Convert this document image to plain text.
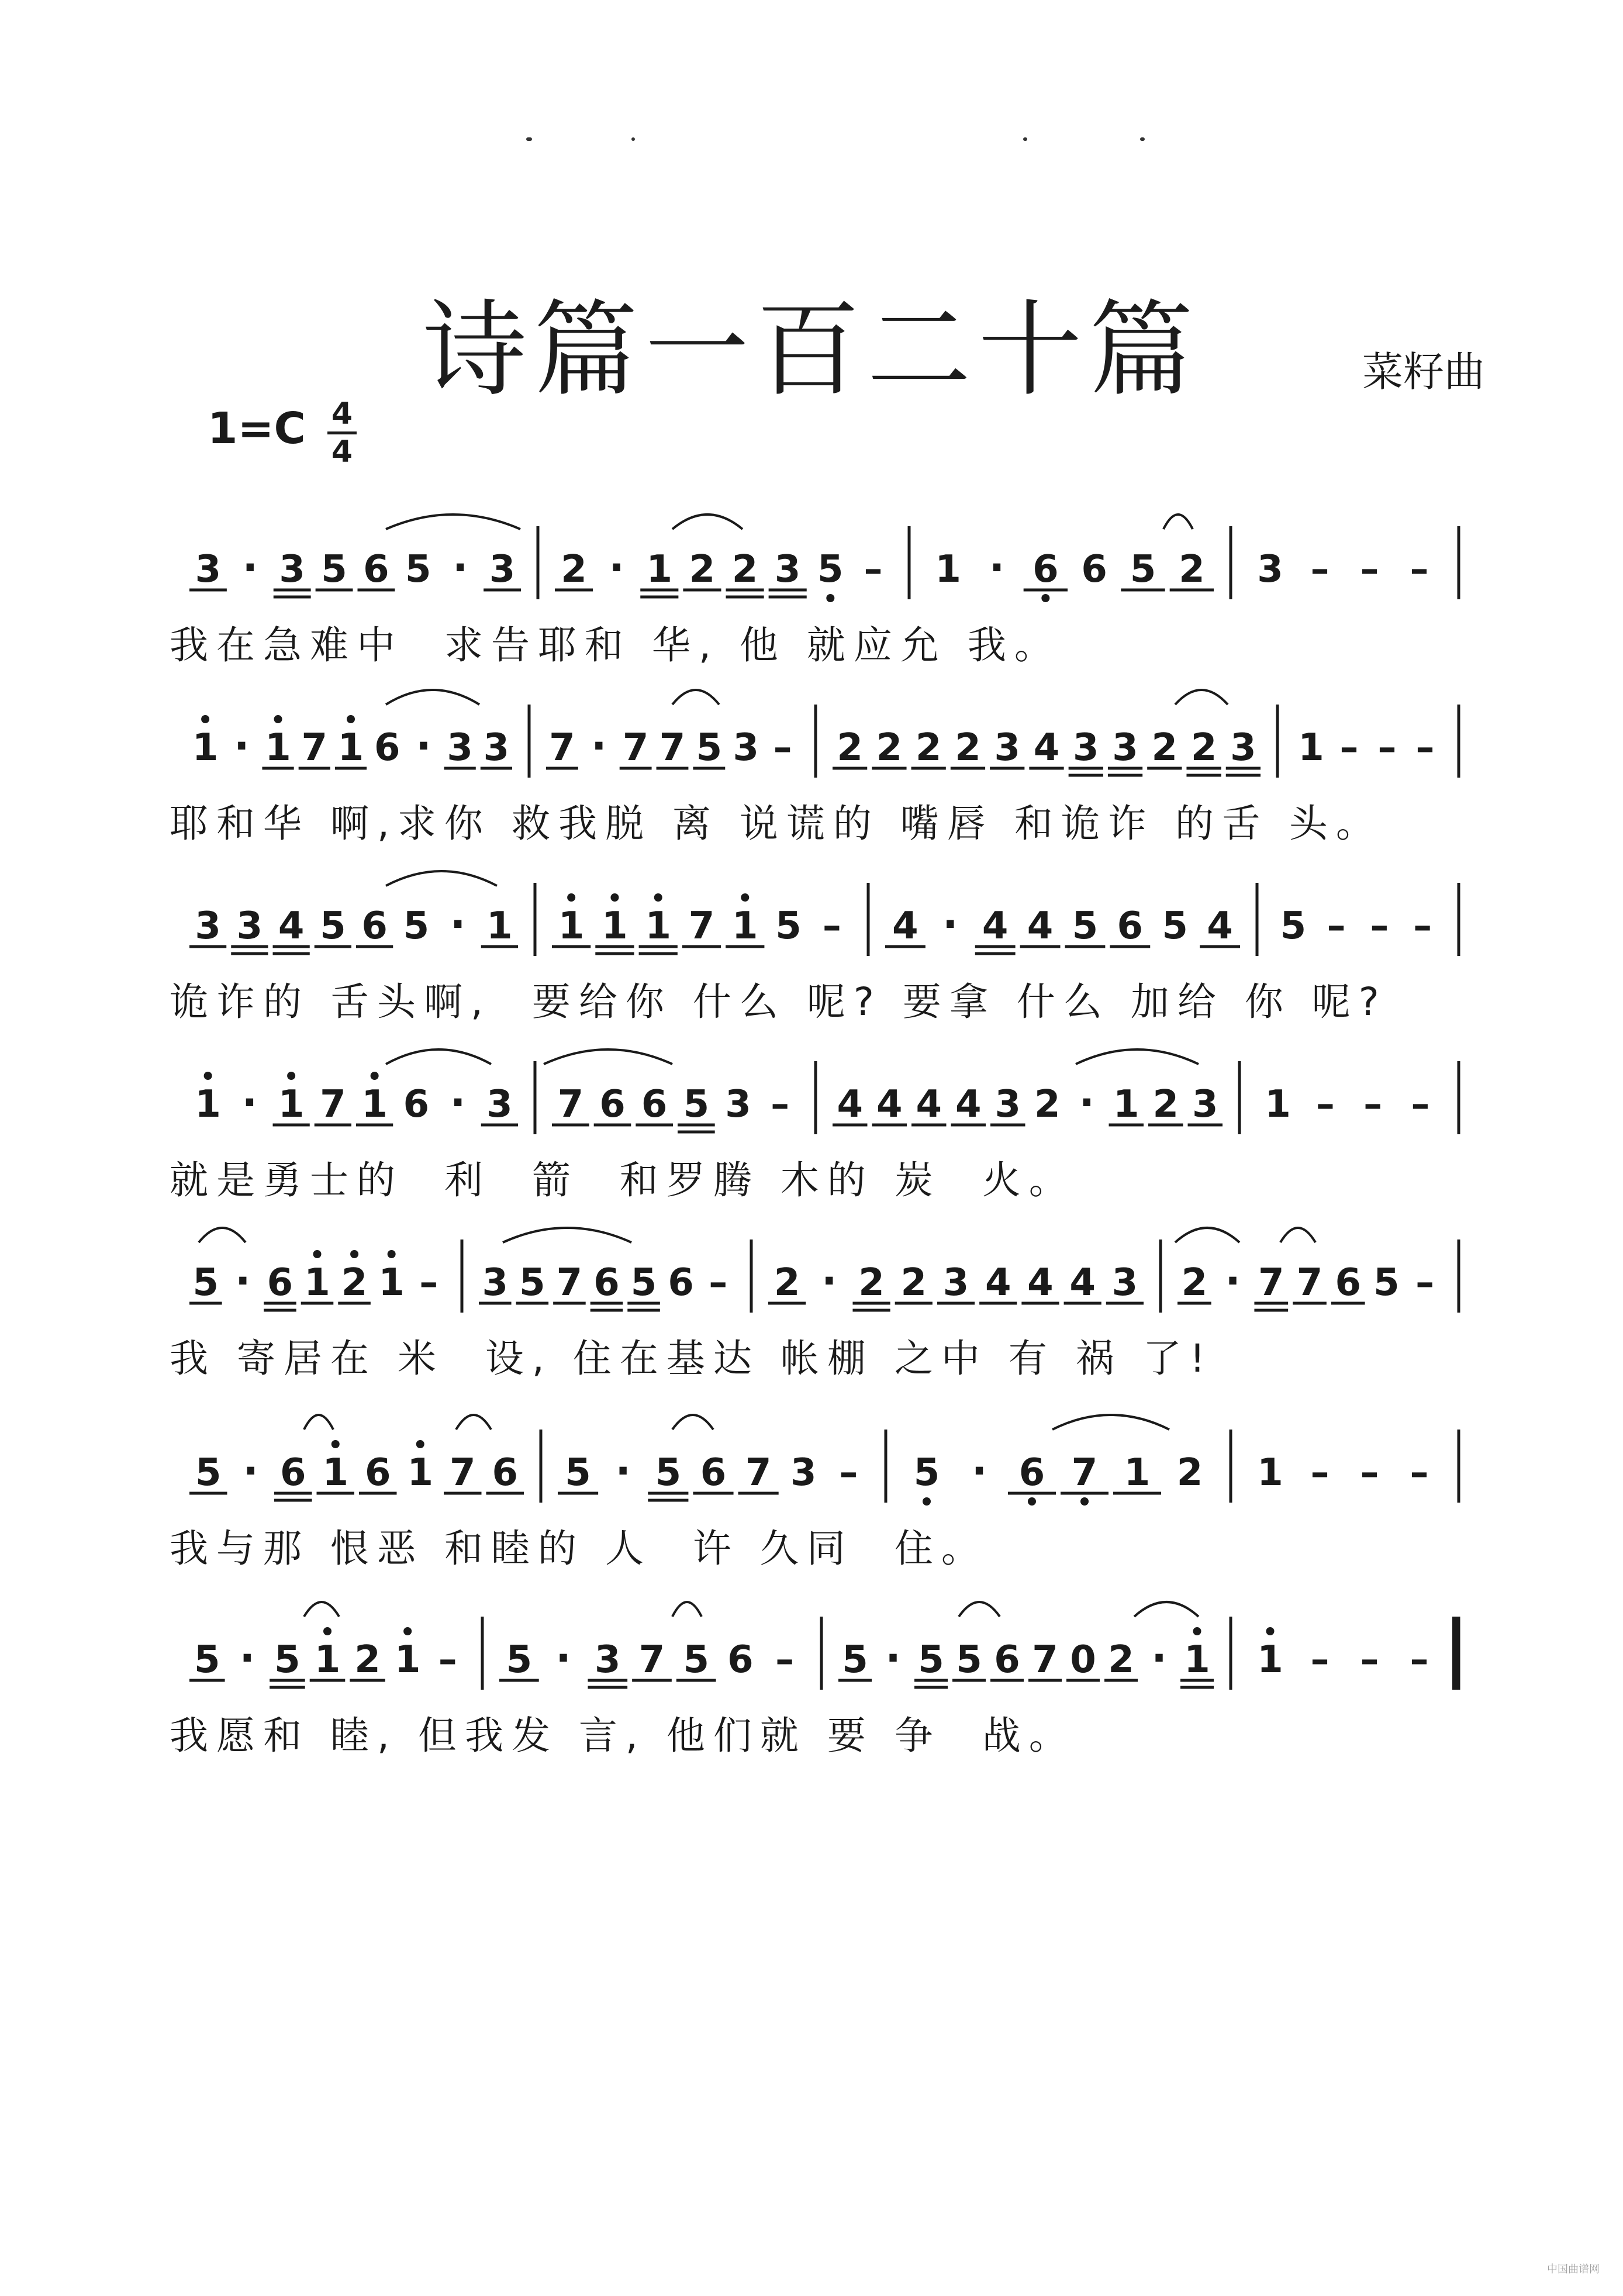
诗篇一百二十篇	菜籽曲
1=C 4
4
3 · 3 5 6 5 · 3 2 · 1 2 2 3 5 – 1 · 6 6 5 2 3 – – –
1 · 1 7 1 6 · 3 3 7 · 7 7 5 3 – 2 2 2 2 3 4 3 3 2 2 3 1 – – –
3 3 4 5 6 5 · 1 1 1 1 7 1 5 – 4 · 4 4 5 6 5 4 5 – – –
1 · 1 7 1 6 · 3 7 6 6 5 3 – 4 4 4 4 3 2 · 1 2 3 1 – – –
5 · 6 1 2 1 – 3 5 7 6 5 6 – 2 · 2 2 3 4 4 4 3 2 · 7 7 6 5 –
5 · 6 1 6 1 7 6 5 · 5 6 7 3 – 5 · 6 7 1 2 1 – – –
5 · 5 1 2 1 – 5 · 3 7 5 6 – 5 · 5 5 6 7 0 2 · 1 1 – – –
我在急难中  求告耶和 华, 他 就应允 我。
耶和华 啊,求你 救我脱 离 说谎的 嘴唇 和诡诈 的舌 头。
诡诈的 舌头啊,  要给你 什么 呢? 要拿 什么 加给 你 呢?
就是勇士的  利  箭  和罗腾 木的 炭  火。
我 寄居在 米  设, 住在基达 帐棚 之中 有 祸 了!
我与那 恨恶 和睦的 人  许 久同  住。
我愿和 睦, 但我发 言, 他们就 要 争  战。
中国曲谱网
